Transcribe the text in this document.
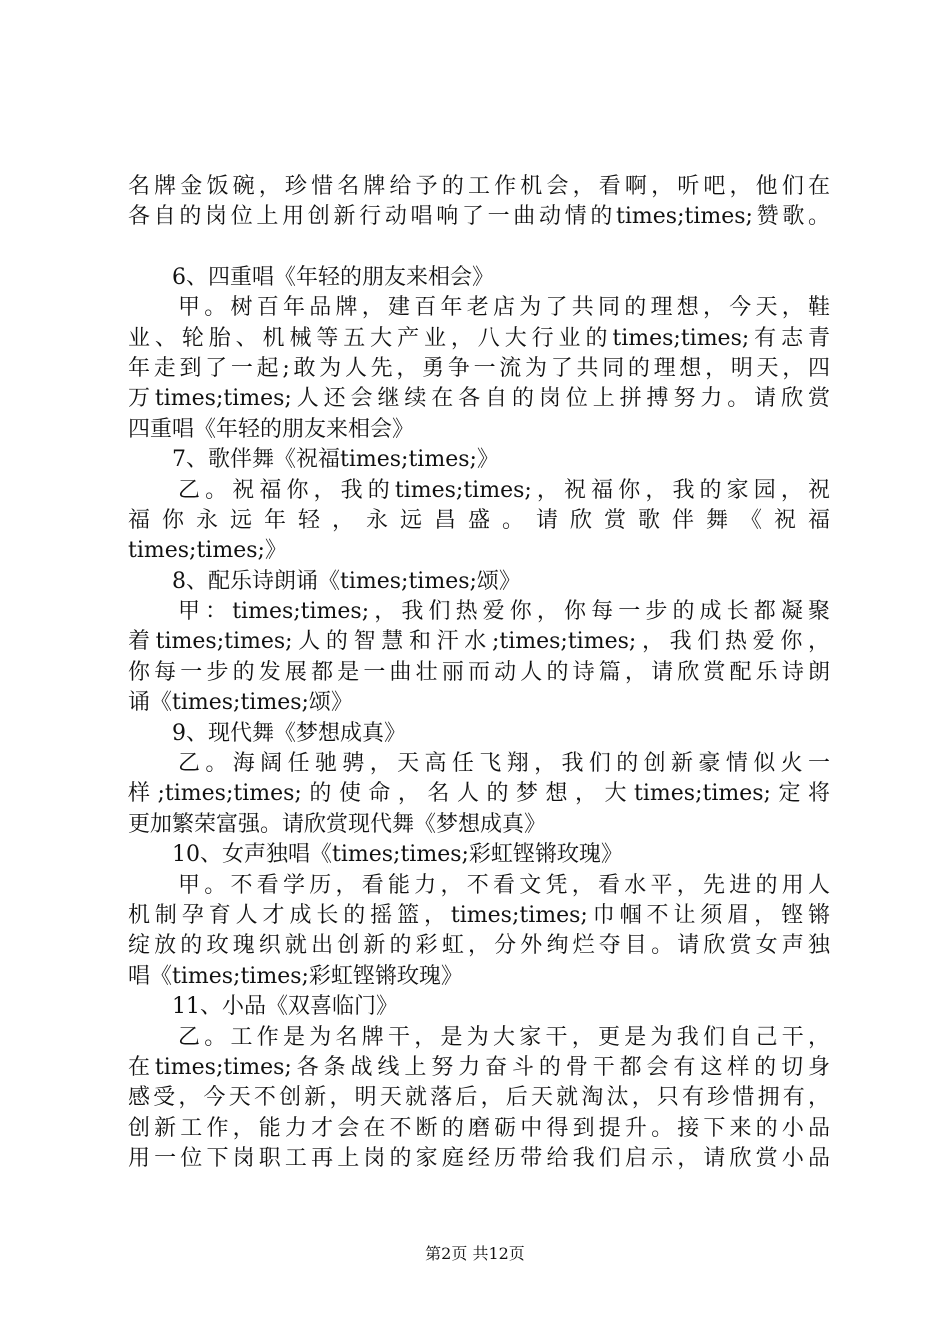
名牌金饭碗，珍惜名牌给予的工作机会，看啊，听吧，他们在
各自的岗位上用创新行动唱响了一曲动情的times;times;赞歌。
6、四重唱《年轻的朋友来相会》
甲。树百年品牌，建百年老店为了共同的理想，今天，鞋
业、轮胎、机械等五大产业，八大行业的times;times;有志青
年走到了一起;敢为人先，勇争一流为了共同的理想，明天，四
万times;times;人还会继续在各自的岗位上拼搏努力。请欣赏
四重唱《年轻的朋友来相会》
7、歌伴舞《祝福times;times;》
乙。祝福你，我的times;times;，祝福你，我的家园，祝
福你永远年轻，永远昌盛。请欣赏歌伴舞《祝福
times;times;》
8、配乐诗朗诵《times;times;颂》
甲：times;times;，我们热爱你，你每一步的成长都凝聚
着times;times;人的智慧和汗水;times;times;，我们热爱你，
你每一步的发展都是一曲壮丽而动人的诗篇，请欣赏配乐诗朗
诵《times;times;颂》
9、现代舞《梦想成真》
乙。海阔任驰骋，天高任飞翔，我们的创新豪情似火一
样;times;times;的使命，名人的梦想，大times;times;定将
更加繁荣富强。请欣赏现代舞《梦想成真》
10、女声独唱《times;times;彩虹铿锵玫瑰》
甲。不看学历，看能力，不看文凭，看水平，先进的用人
机制孕育人才成长的摇篮，times;times;巾帼不让须眉，铿锵
绽放的玫瑰织就出创新的彩虹，分外绚烂夺目。请欣赏女声独
唱《times;times;彩虹铿锵玫瑰》
11、小品《双喜临门》
乙。工作是为名牌干，是为大家干，更是为我们自己干，
在times;times;各条战线上努力奋斗的骨干都会有这样的切身
感受，今天不创新，明天就落后，后天就淘汰，只有珍惜拥有，
创新工作，能力才会在不断的磨砺中得到提升。接下来的小品
用一位下岗职工再上岗的家庭经历带给我们启示，请欣赏小品
第2页 共12页
